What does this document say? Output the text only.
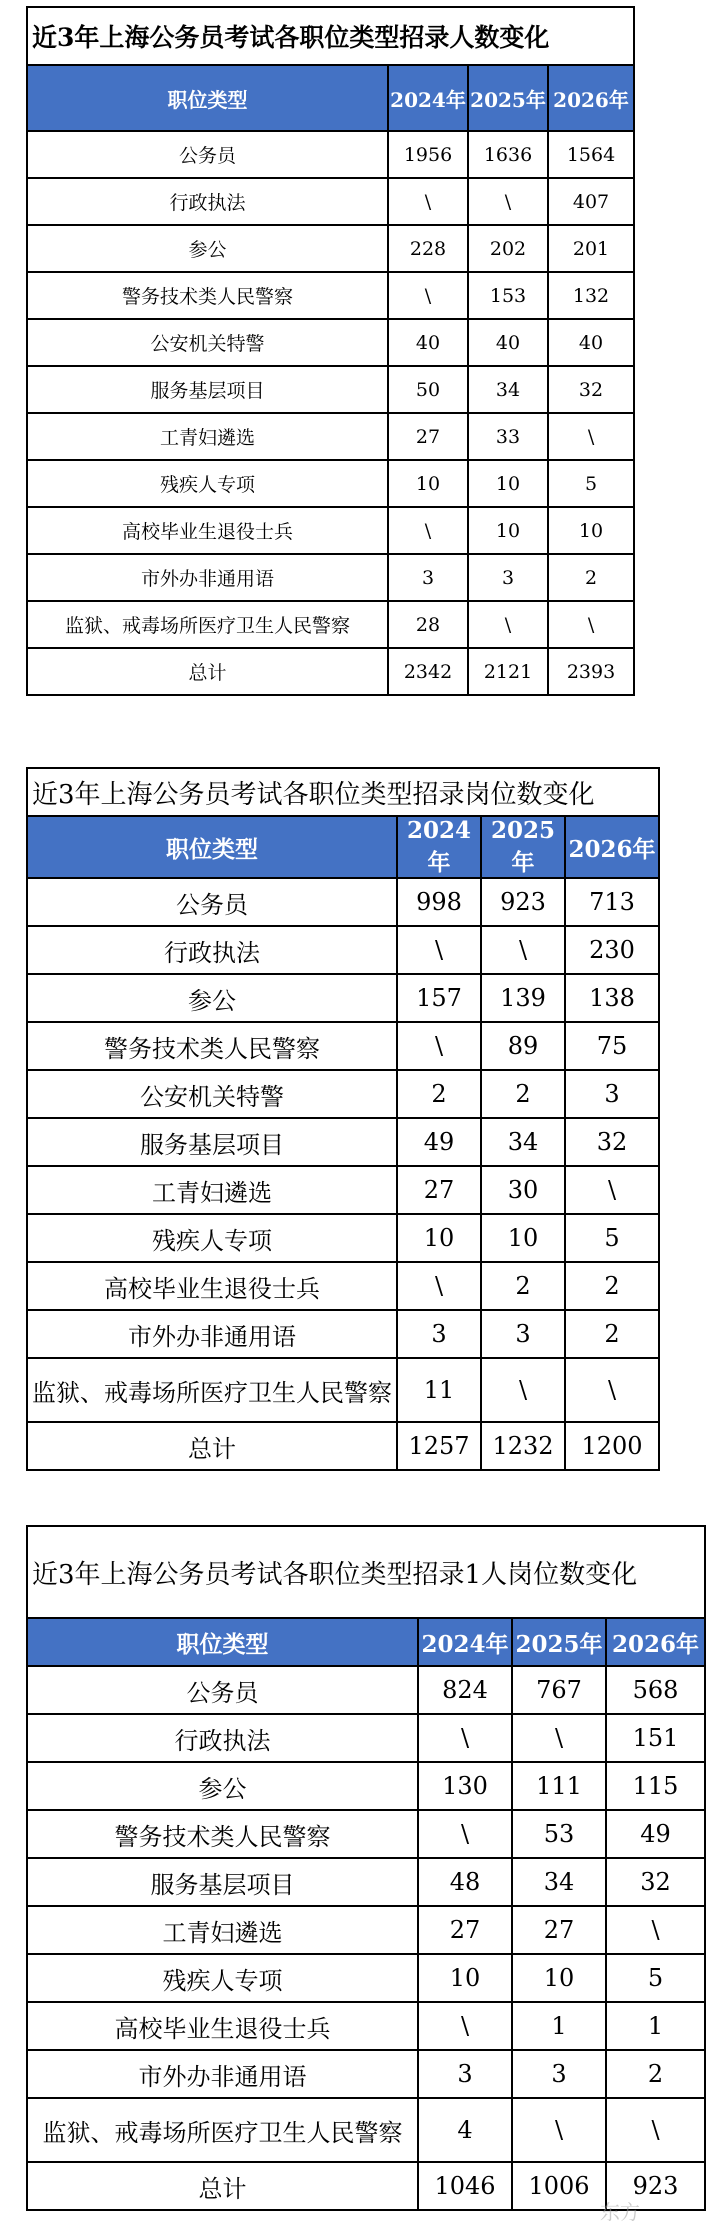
近3年上海公务员考试各职位类型招录人数变化			
职位类型	2024年	2025年	2026年
公务员	1956	1636	1564
行政执法	\	\	407
参公	228	202	201
警务技术类人民警察	\	153	132
公安机关特警	40	40	40
服务基层项目	50	34	32
工青妇遴选	27	33	\
残疾人专项	10	10	5
高校毕业生退役士兵	\	10	10
市外办非通用语	3	3	2
监狱、戒毒场所医疗卫生人民警察	28	\	\
总计	2342	2121	2393
近3年上海公务员考试各职位类型招录岗位数变化			
职位类型	2024年	2025年	2026年
公务员	998	923	713
行政执法	\	\	230
参公	157	139	138
警务技术类人民警察	\	89	75
公安机关特警	2	2	3
服务基层项目	49	34	32
工青妇遴选	27	30	\
残疾人专项	10	10	5
高校毕业生退役士兵	\	2	2
市外办非通用语	3	3	2
监狱、戒毒场所医疗卫生人民警察	11	\	\
总计	1257	1232	1200
近3年上海公务员考试各职位类型招录1人岗位数变化			
职位类型	2024年	2025年	2026年
公务员	824	767	568
行政执法	\	\	151
参公	130	111	115
警务技术类人民警察	\	53	49
服务基层项目	48	34	32
工青妇遴选	27	27	\
残疾人专项	10	10	5
高校毕业生退役士兵	\	1	1
市外办非通用语	3	3	2
监狱、戒毒场所医疗卫生人民警察	4	\	\
总计	1046	1006	923
东方
